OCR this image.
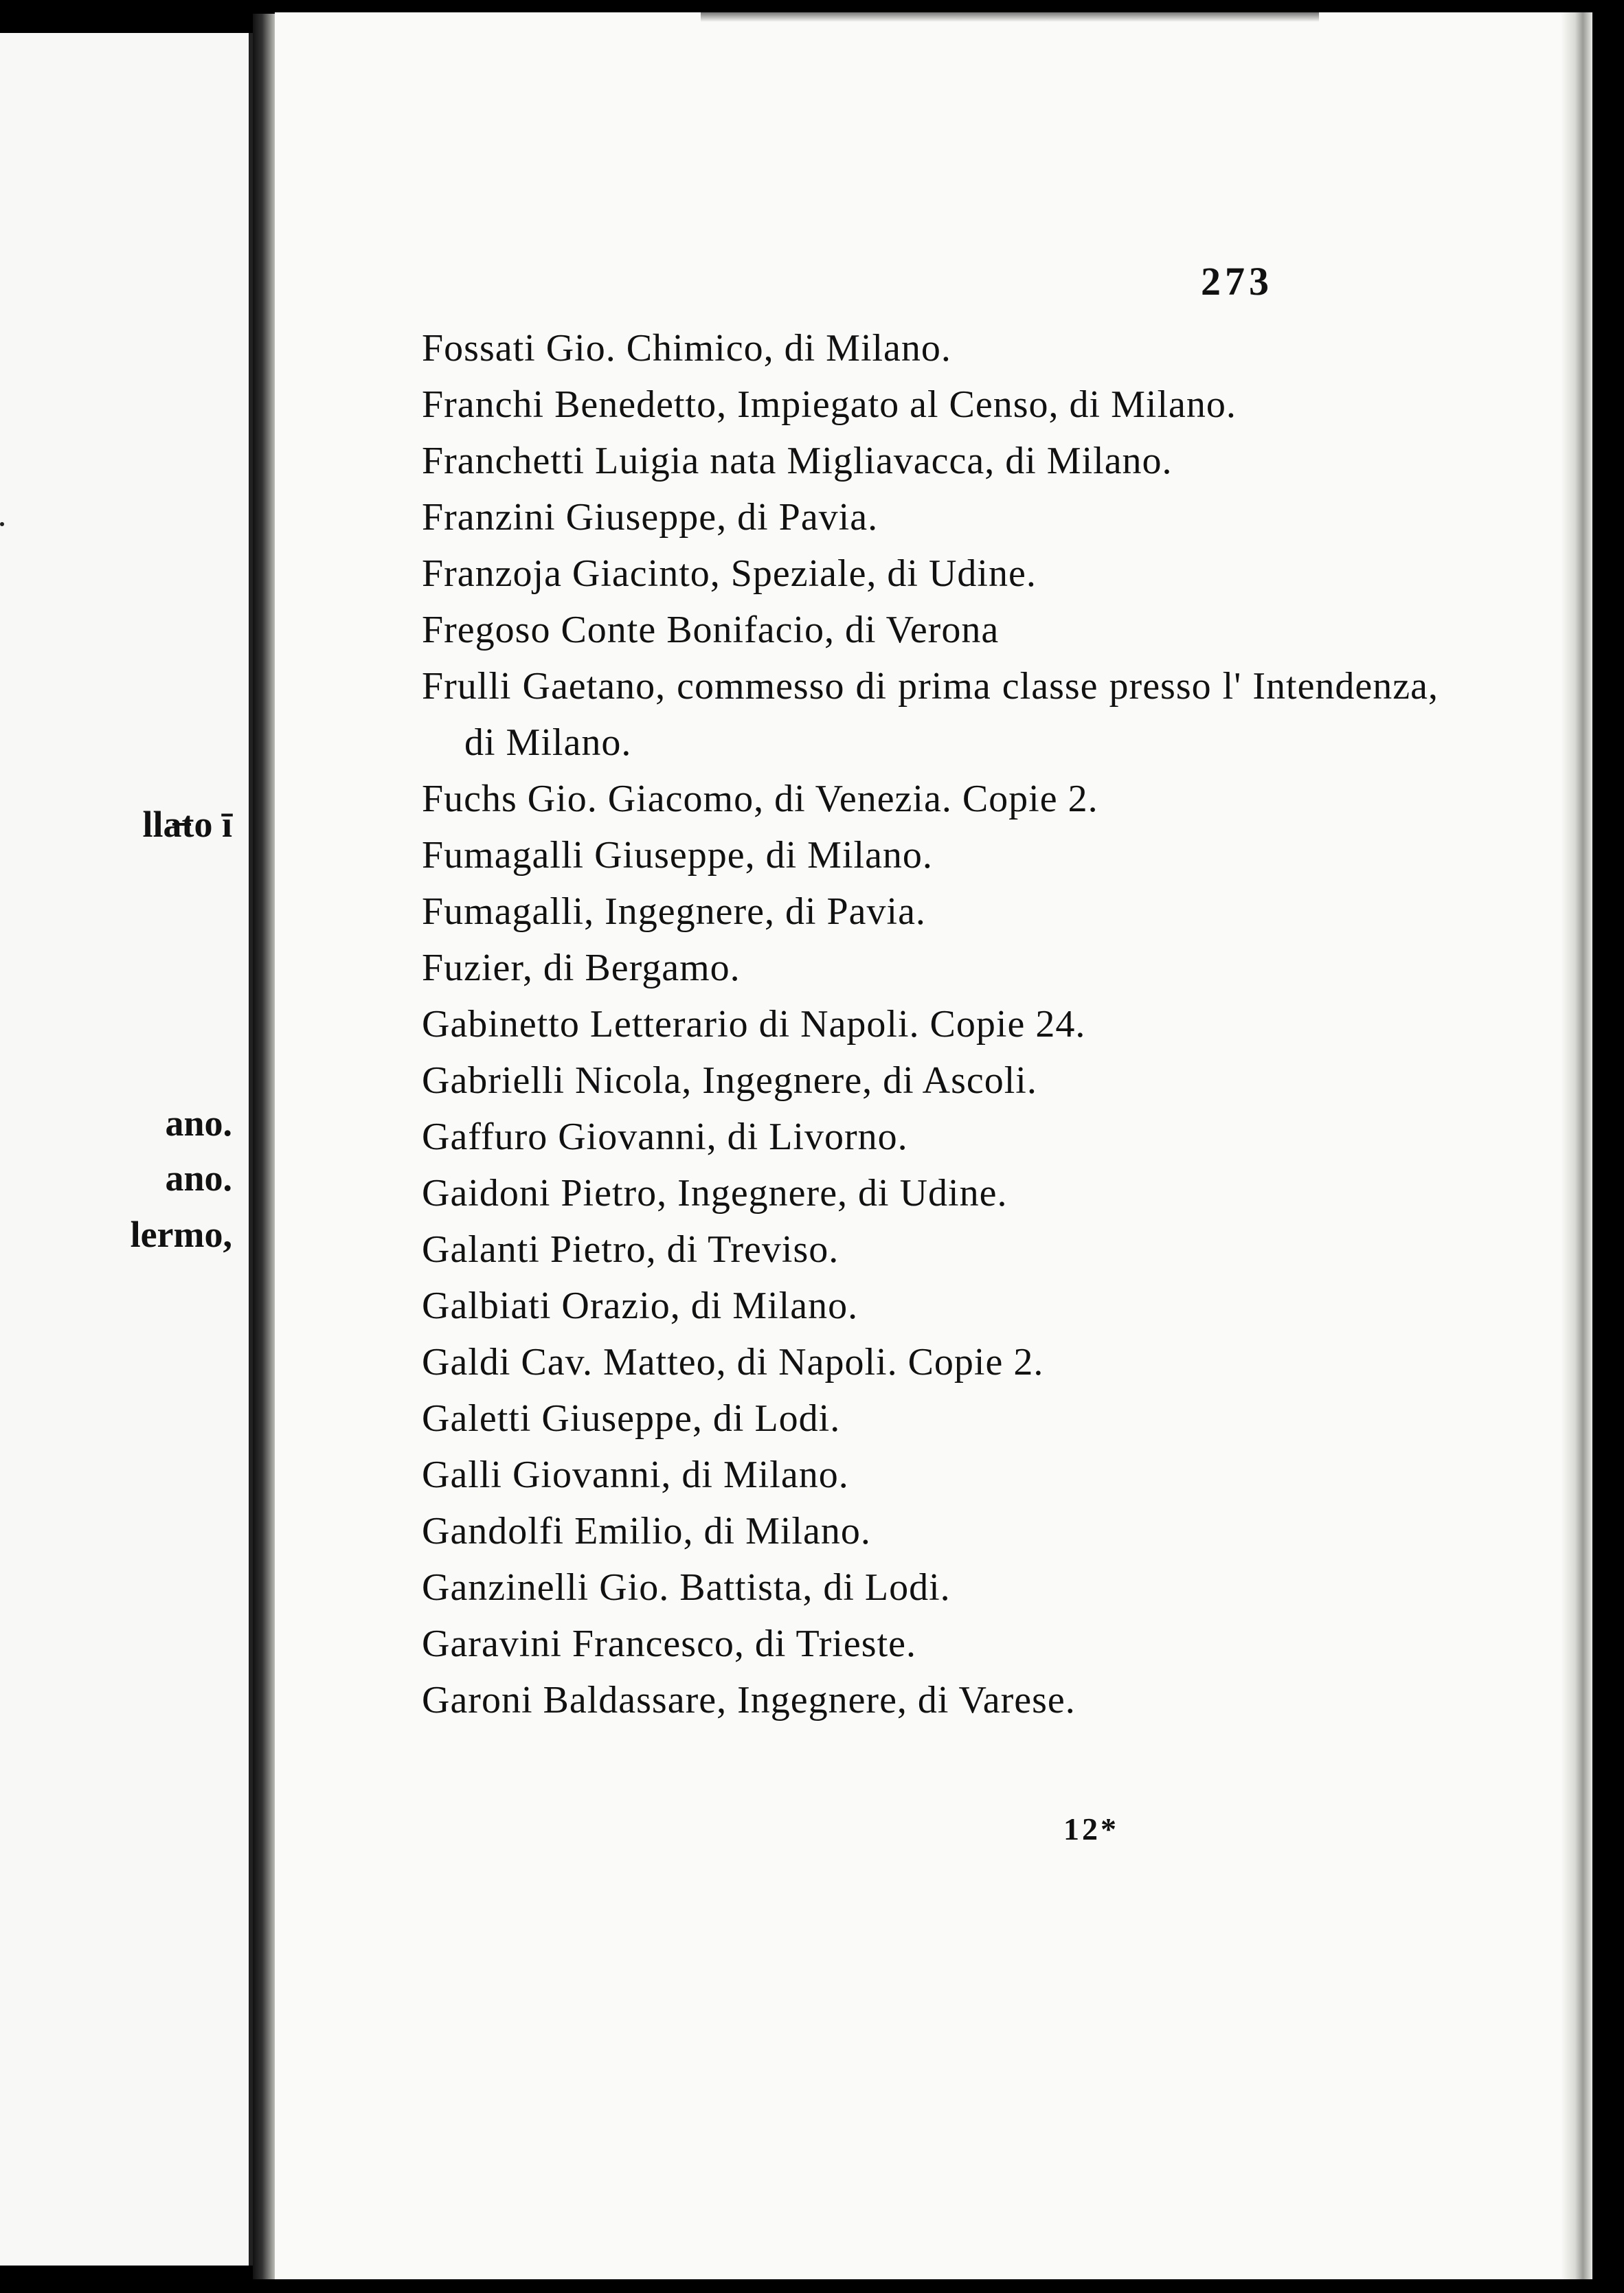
lla̶to ī
ano.
ano.
lermo,
273
Fossati Gio. Chimico, di Milano.
Franchi Benedetto, Impiegato al Censo, di Milano.
Franchetti Luigia nata Migliavacca, di Milano.
Franzini Giuseppe, di Pavia.
Franzoja Giacinto, Speziale, di Udine.
Fregoso Conte Bonifacio, di Verona
Frulli Gaetano, commesso di prima classe presso l' Intendenza, di Milano.
Fuchs Gio. Giacomo, di Venezia. Copie 2.
Fumagalli Giuseppe, di Milano.
Fumagalli, Ingegnere, di Pavia.
Fuzier, di Bergamo.
Gabinetto Letterario di Napoli. Copie 24.
Gabrielli Nicola, Ingegnere, di Ascoli.
Gaffuro Giovanni, di Livorno.
Gaidoni Pietro, Ingegnere, di Udine.
Galanti Pietro, di Treviso.
Galbiati Orazio, di Milano.
Galdi Cav. Matteo, di Napoli. Copie 2.
Galetti Giuseppe, di Lodi.
Galli Giovanni, di Milano.
Gandolfi Emilio, di Milano.
Ganzinelli Gio. Battista, di Lodi.
Garavini Francesco, di Trieste.
Garoni Baldassare, Ingegnere, di Varese.
12*
